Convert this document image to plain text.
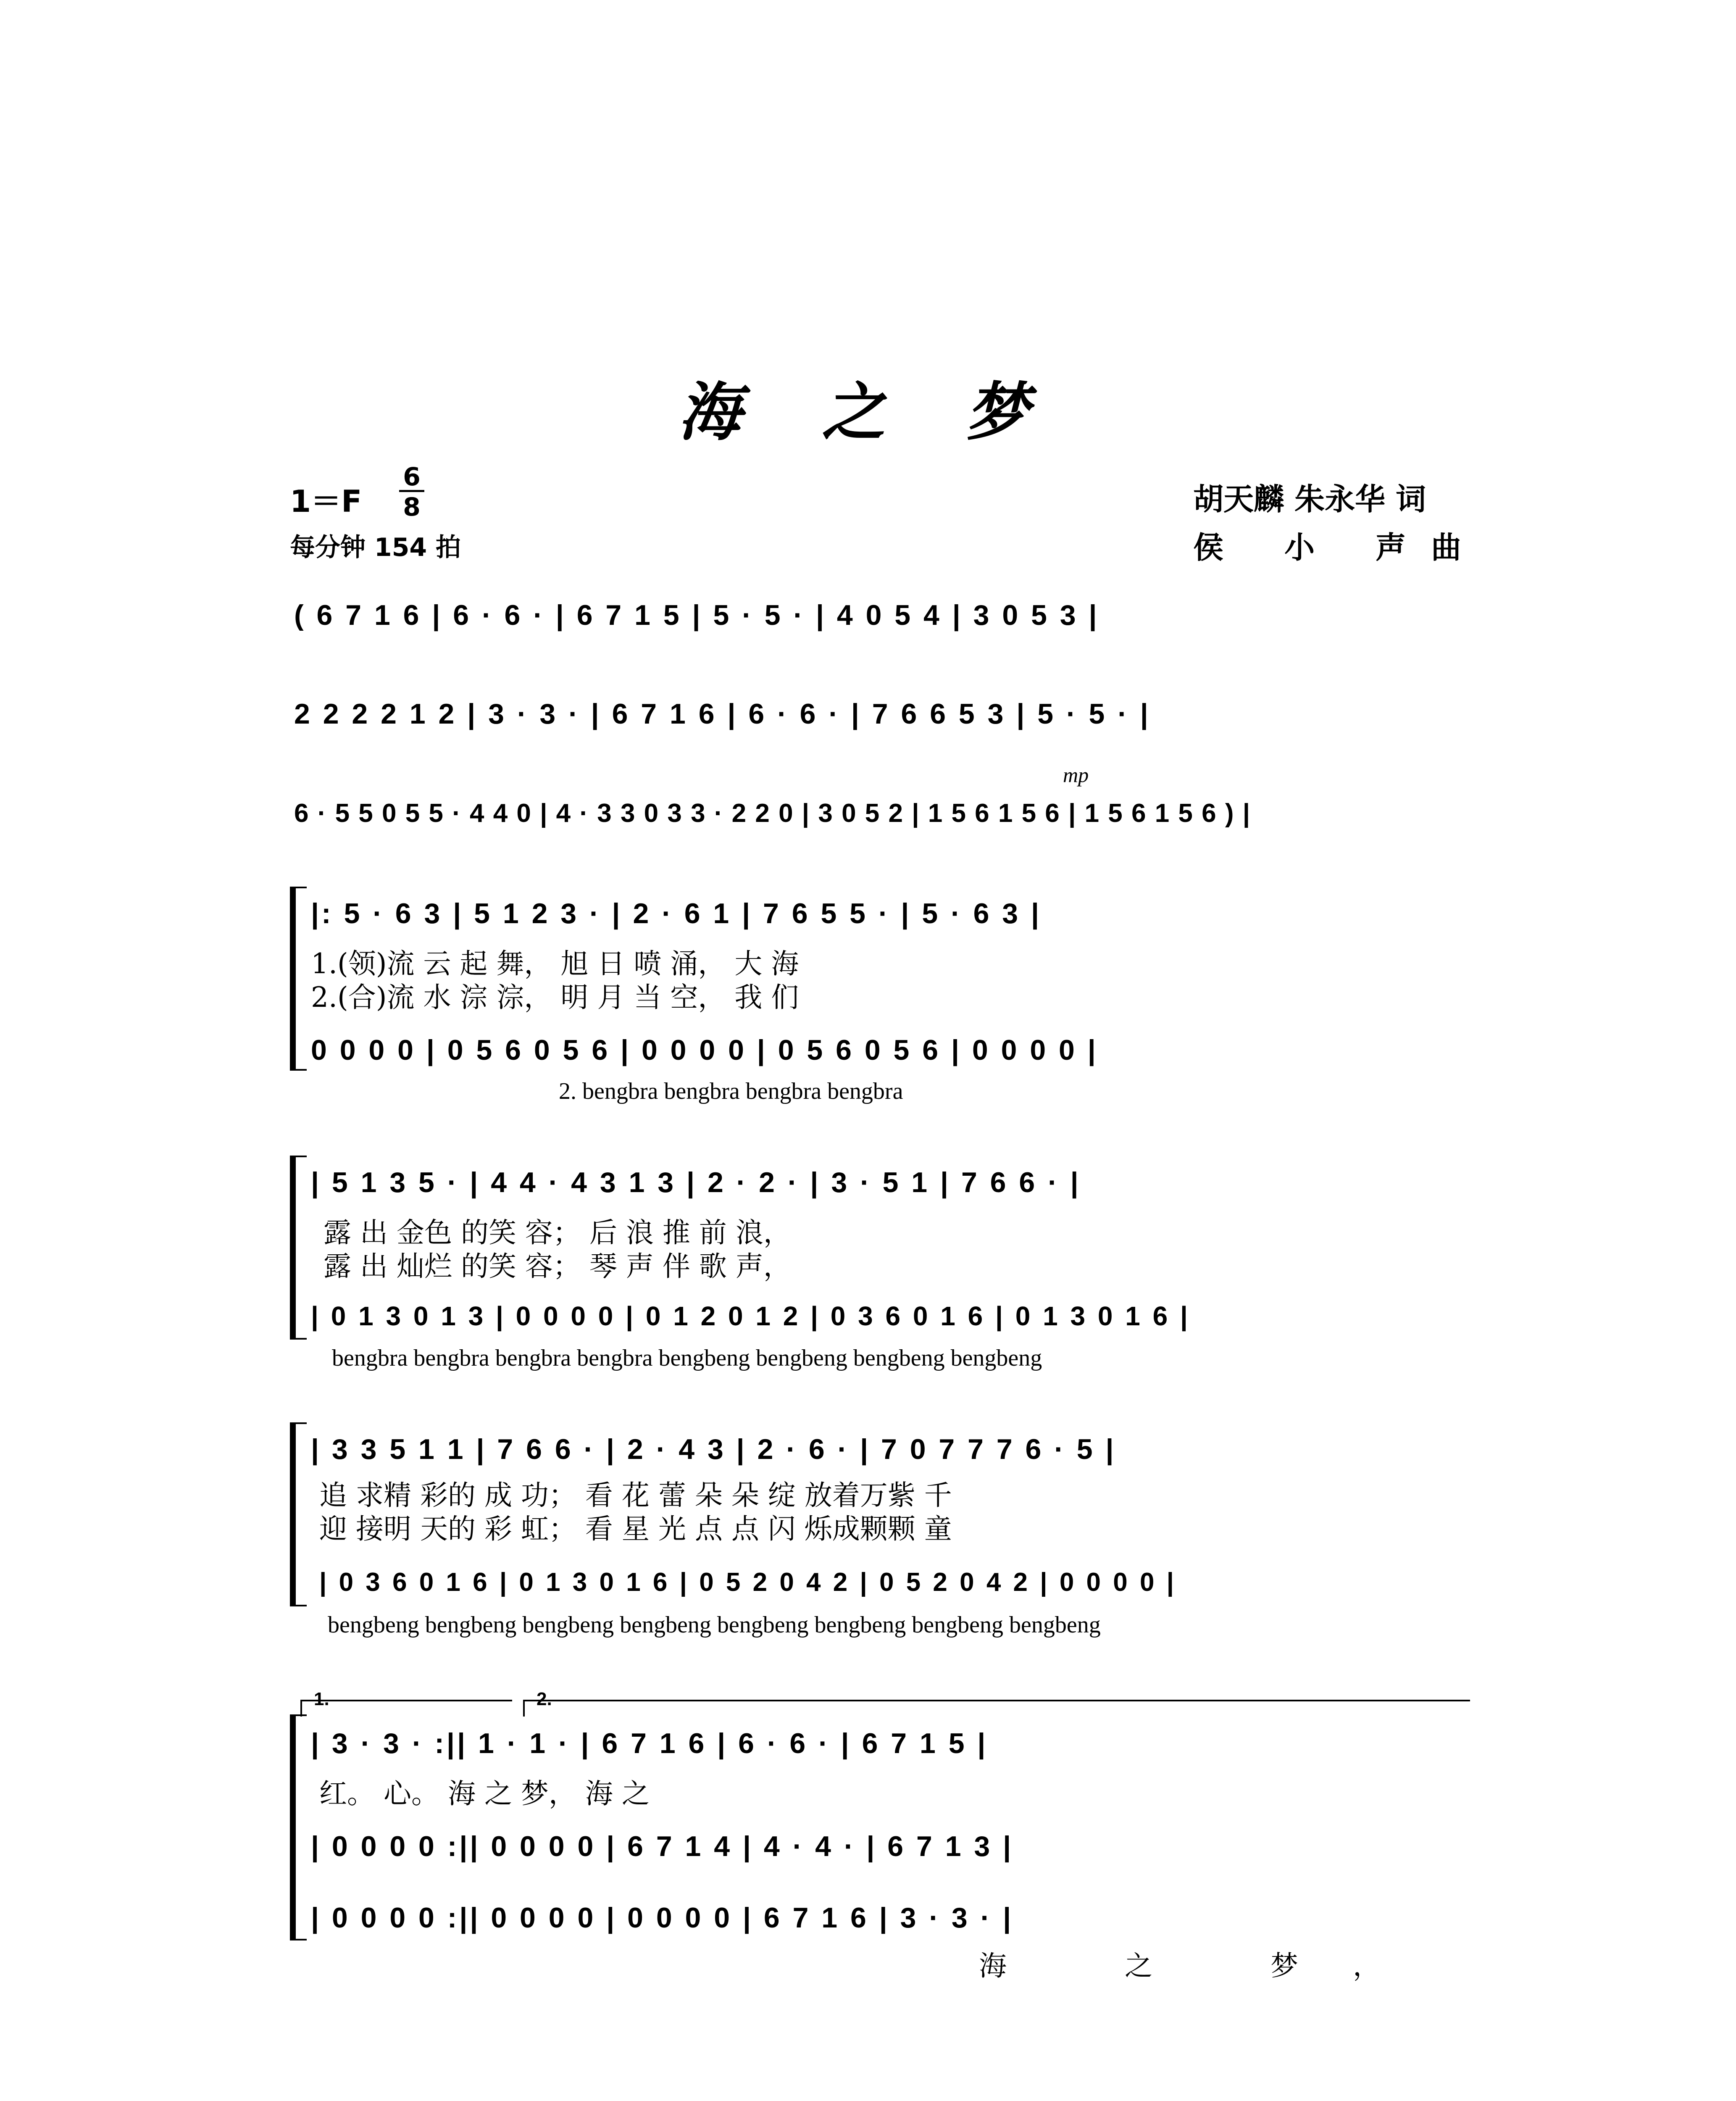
海 之 梦
1＝F
6
8
每分钟 154 拍
胡天麟 朱永华 词
侯 小 声曲
( 6 7 1 6 | 6 · 6 · | 6 7 1 5 | 5 · 5 · | 4 0 5 4 | 3 0 5 3 |
2 2 2 2 1 2 | 3 · 3 · | 6 7 1 6 | 6 · 6 · | 7 6 6 5 3 | 5 · 5 · |
mp
6 · 5 5 0 5 5 · 4 4 0 | 4 · 3 3 0 3 3 · 2 2 0 | 3 0 5 2 | 1 5 6 1 5 6 | 1 5 6 1 5 6 ) |
|: 5 · 6 3 | 5 1 2 3 · | 2 · 6 1 | 7 6 5 5 · | 5 · 6 3 |
1.(领)流 云 起 舞， 旭 日 喷 涌， 大 海
2.(合)流 水 淙 淙， 明 月 当 空， 我 们
0 0 0 0 | 0 5 6 0 5 6 | 0 0 0 0 | 0 5 6 0 5 6 | 0 0 0 0 |
2. bengbra bengbra bengbra bengbra
| 5 1 3 5 · | 4 4 · 4 3 1 3 | 2 · 2 · | 3 · 5 1 | 7 6 6 · |
露 出 金色 的笑 容； 后 浪 推 前 浪，
露 出 灿烂 的笑 容； 琴 声 伴 歌 声，
| 0 1 3 0 1 3 | 0 0 0 0 | 0 1 2 0 1 2 | 0 3 6 0 1 6 | 0 1 3 0 1 6 |
bengbra bengbra bengbra bengbra bengbeng bengbeng bengbeng bengbeng
| 3 3 5 1 1 | 7 6 6 · | 2 · 4 3 | 2 · 6 · | 7 0 7 7 7 6 · 5 |
追 求精 彩的 成 功； 看 花 蕾 朵 朵 绽 放着万紫 千
迎 接明 天的 彩 虹； 看 星 光 点 点 闪 烁成颗颗 童
| 0 3 6 0 1 6 | 0 1 3 0 1 6 | 0 5 2 0 4 2 | 0 5 2 0 4 2 | 0 0 0 0 |
bengbeng bengbeng bengbeng bengbeng bengbeng bengbeng bengbeng bengbeng
1.	2.
| 3 · 3 · :|| 1 · 1 · | 6 7 1 6 | 6 · 6 · | 6 7 1 5 |
红。 心。 海 之 梦， 海 之
| 0 0 0 0 :|| 0 0 0 0 | 6 7 1 4 | 4 · 4 · | 6 7 1 3 |
| 0 0 0 0 :|| 0 0 0 0 | 0 0 0 0 | 6 7 1 6 | 3 · 3 · |
海 之 梦，
